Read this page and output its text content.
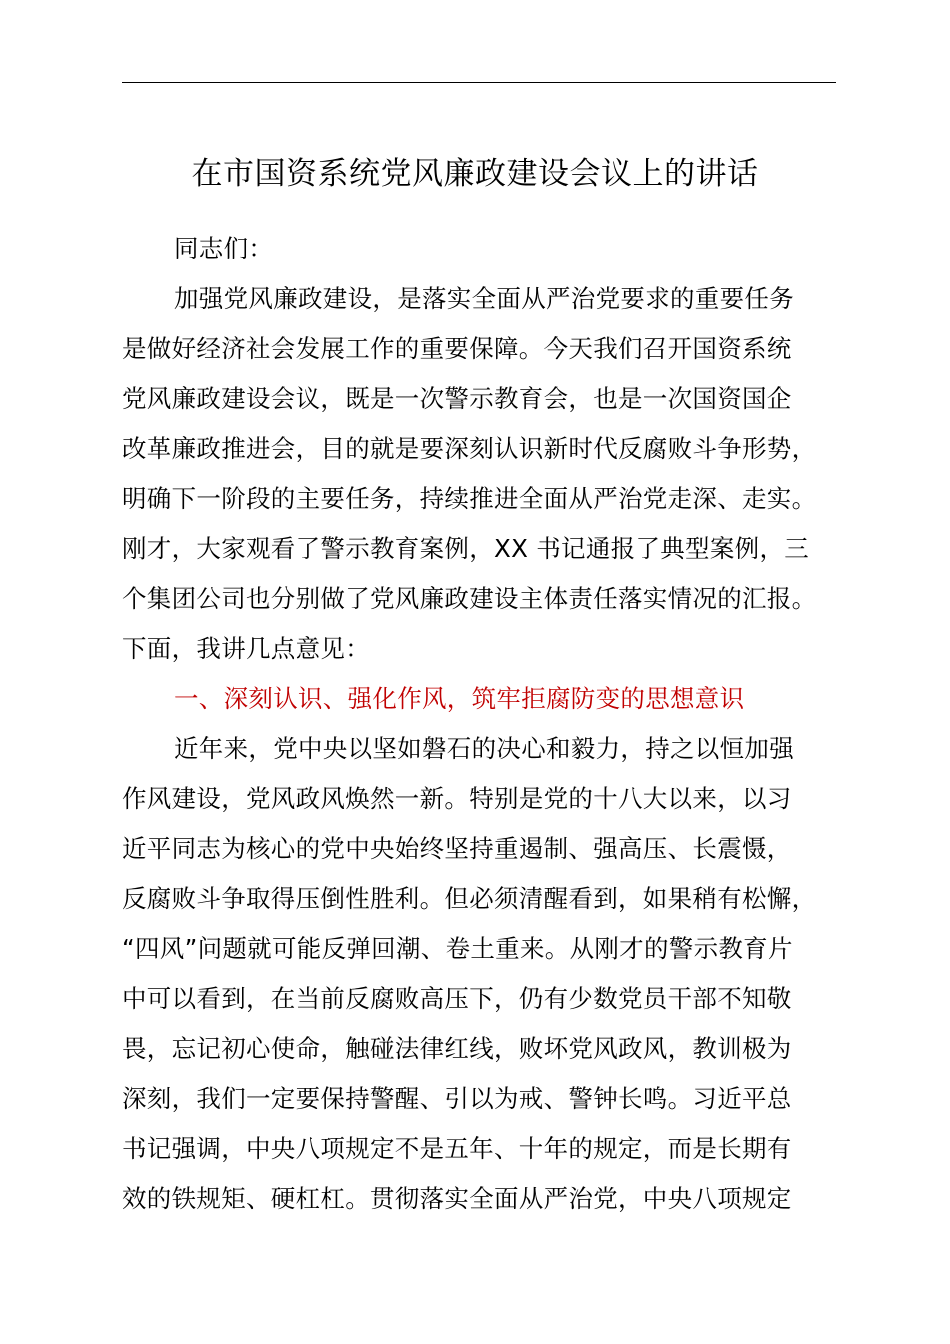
在市国资系统党风廉政建设会议上的讲话
同志们：
加强党风廉政建设，是落实全面从严治党要求的重要任务
是做好经济社会发展工作的重要保障。今天我们召开国资系统
党风廉政建设会议，既是一次警示教育会，也是一次国资国企
改革廉政推进会，目的就是要深刻认识新时代反腐败斗争形势，
明确下一阶段的主要任务，持续推进全面从严治党走深、走实。
刚才，大家观看了警示教育案例，XX 书记通报了典型案例，三
个集团公司也分别做了党风廉政建设主体责任落实情况的汇报。
下面，我讲几点意见：
一、深刻认识、强化作风，筑牢拒腐防变的思想意识
近年来，党中央以坚如磐石的决心和毅力，持之以恒加强
作风建设，党风政风焕然一新。特别是党的十八大以来，以习
近平同志为核心的党中央始终坚持重遏制、强高压、长震慑，
反腐败斗争取得压倒性胜利。但必须清醒看到，如果稍有松懈，
“四风”问题就可能反弹回潮、卷土重来。从刚才的警示教育片
中可以看到，在当前反腐败高压下，仍有少数党员干部不知敬
畏，忘记初心使命，触碰法律红线，败坏党风政风，教训极为
深刻，我们一定要保持警醒、引以为戒、警钟长鸣。习近平总
书记强调，中央八项规定不是五年、十年的规定，而是长期有
效的铁规矩、硬杠杠。贯彻落实全面从严治党，中央八项规定
